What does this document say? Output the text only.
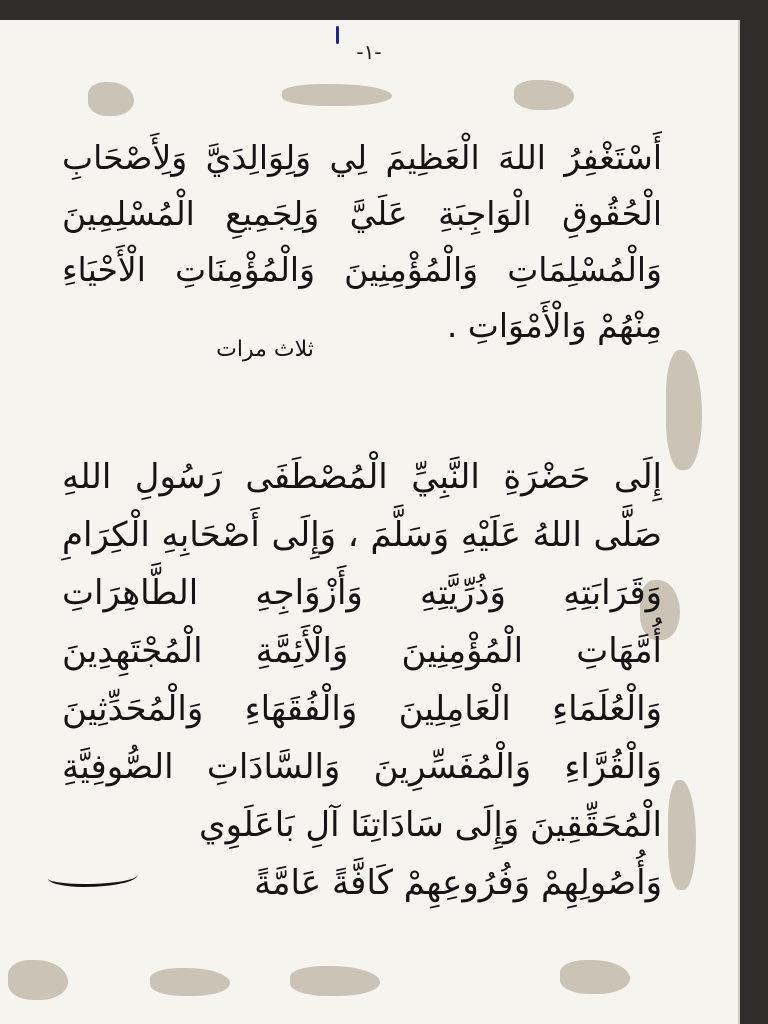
-١-
أَسْتَغْفِرُ اللهَ الْعَظِيمَ لِي وَلِوَالِدَيَّ وَلِأَصْحَابِ
الْحُقُوقِ الْوَاجِبَةِ عَلَيَّ وَلِجَمِيعِ الْمُسْلِمِينَ
وَالْمُسْلِمَاتِ وَالْمُؤْمِنِينَ وَالْمُؤْمِنَاتِ الْأَحْيَاءِ
مِنْهُمْ وَالْأَمْوَاتِ .
ثلاث مرات
إِلَى حَضْرَةِ النَّبِيِّ الْمُصْطَفَى رَسُولِ اللهِ
صَلَّى اللهُ عَلَيْهِ وَسَلَّمَ ، وَإِلَى أَصْحَابِهِ الْكِرَامِ
وَقَرَابَتِهِ وَذُرِّيَّتِهِ وَأَزْوَاجِهِ الطَّاهِرَاتِ
أُمَّهَاتِ الْمُؤْمِنِينَ وَالْأَئِمَّةِ الْمُجْتَهِدِينَ
وَالْعُلَمَاءِ الْعَامِلِينَ وَالْفُقَهَاءِ وَالْمُحَدِّثِينَ
وَالْقُرَّاءِ وَالْمُفَسِّرِينَ وَالسَّادَاتِ الصُّوفِيَّةِ
الْمُحَقِّقِينَ وَإِلَى سَادَاتِنَا آلِ بَاعَلَوِي
وَأُصُولِهِمْ وَفُرُوعِهِمْ كَافَّةً عَامَّةً
